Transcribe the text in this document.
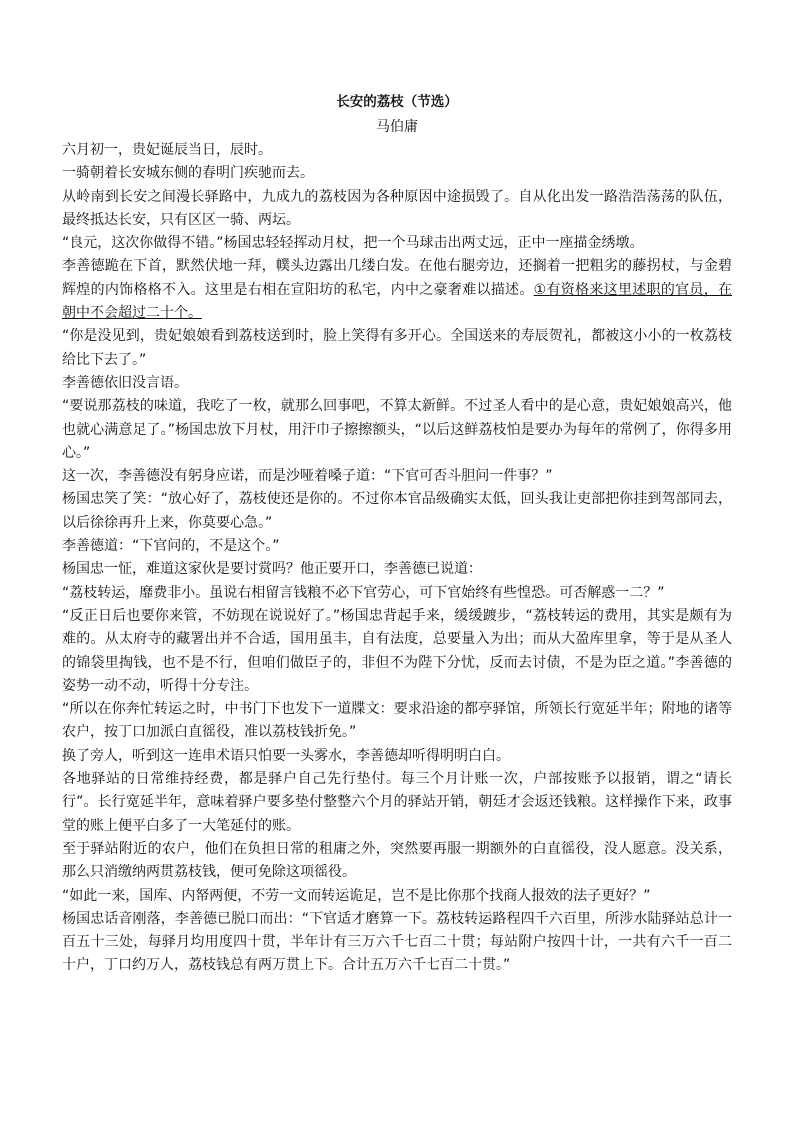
长安的荔枝（节选）
马伯庸

六月初一，贵妃诞辰当日，辰时。

一骑朝着长安城东侧的春明门疾驰而去。

从岭南到长安之间漫长驿路中，九成九的荔枝因为各种原因中途损毁了。自从化出发一路浩浩荡荡的队伍，最终抵达长安，只有区区一骑、两坛。

“良元，这次你做得不错。”杨国忠轻轻挥动月杖，把一个马球击出两丈远，正中一座描金绣墩。

李善德跪在下首，默然伏地一拜，幞头边露出几缕白发。在他右腿旁边，还搁着一把粗劣的藤拐杖，与金碧辉煌的内饰格格不入。这里是右相在宣阳坊的私宅，内中之豪奢难以描述。①有资格来这里述职的官员，在朝中不会超过二十个。

“你是没见到，贵妃娘娘看到荔枝送到时，脸上笑得有多开心。全国送来的寿辰贺礼，都被这小小的一枚荔枝给比下去了。”

李善德依旧没言语。

“要说那荔枝的味道，我吃了一枚，就那么回事吧，不算太新鲜。不过圣人看中的是心意，贵妃娘娘高兴，他也就心满意足了。”杨国忠放下月杖，用汗巾子擦擦额头，“以后这鲜荔枝怕是要办为每年的常例了，你得多用心。”

这一次，李善德没有躬身应诺，而是沙哑着嗓子道：“下官可否斗胆问一件事？”

杨国忠笑了笑：“放心好了，荔枝使还是你的。不过你本官品级确实太低，回头我让吏部把你挂到驾部同去，以后徐徐再升上来，你莫要心急。”

李善德道：“下官问的，不是这个。”

杨国忠一怔，难道这家伙是要讨赏吗？他正要开口，李善德已说道：

“荔枝转运，靡费非小。虽说右相留言钱粮不必下官劳心，可下官始终有些惶恐。可否解惑一二？”

“反正日后也要你来管，不妨现在说说好了。”杨国忠背起手来，缓缓踱步，“荔枝转运的费用，其实是颇有为难的。从太府寺的藏署出并不合适，国用虽丰，自有法度，总要量入为出；而从大盈库里拿，等于是从圣人的锦袋里掏钱，也不是不行，但咱们做臣子的，非但不为陛下分忧，反而去讨债，不是为臣之道。”李善德的姿势一动不动，听得十分专注。

“所以在你奔忙转运之时，中书门下也发下一道牒文：要求沿途的都亭驿馆，所领长行宽延半年；附地的诸等农户，按丁口加派白直徭役，准以荔枝钱折免。”

换了旁人，听到这一连串术语只怕要一头雾水，李善德却听得明明白白。

各地驿站的日常维持经费，都是驿户自己先行垫付。每三个月计账一次，户部按账予以报销，谓之“请长行”。长行宽延半年，意味着驿户要多垫付整整六个月的驿站开销，朝廷才会返还钱粮。这样操作下来，政事堂的账上便平白多了一大笔延付的账。

至于驿站附近的农户，他们在负担日常的租庸之外，突然要再服一期额外的白直徭役，没人愿意。没关系，那么只消缴纳两贯荔枝钱，便可免除这项徭役。

“如此一来，国库、内帑两便，不劳一文而转运诡足，岂不是比你那个找商人报效的法子更好？”

杨国忠话音刚落，李善德已脱口而出：“下官适才磨算一下。荔枝转运路程四千六百里，所涉水陆驿站总计一百五十三处，每驿月均用度四十贯，半年计有三万六千七百二十贯；每站附户按四十计，一共有六千一百二十户，丁口约万人，荔枝钱总有两万贯上下。合计五万六千七百二十贯。”
